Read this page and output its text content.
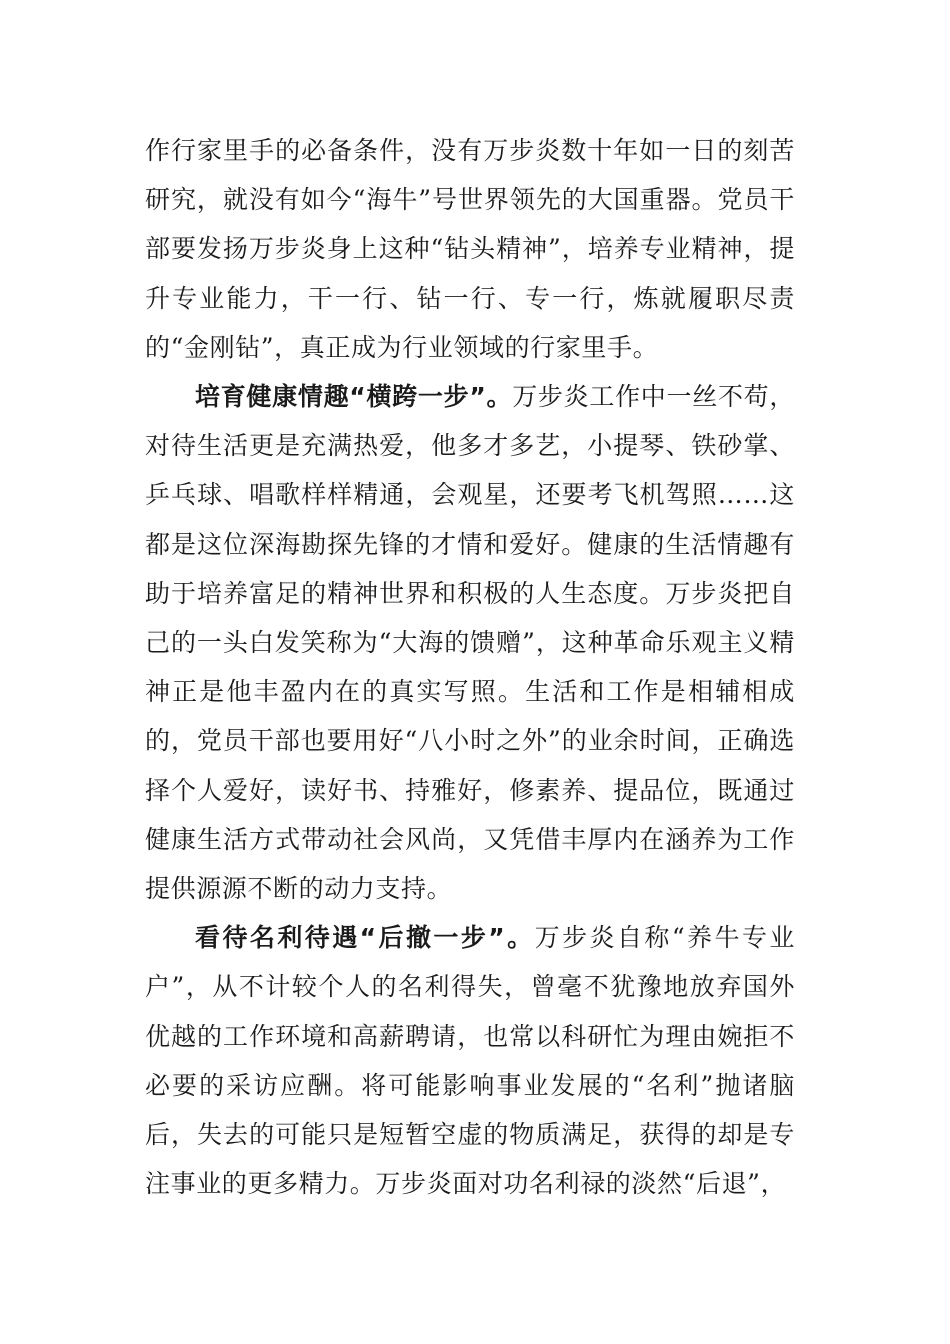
作行家里手的必备条件，没有万步炎数十年如一日的刻苦研究，就没有如今“海牛”号世界领先的大国重器。党员干部要发扬万步炎身上这种“钻头精神”，培养专业精神，提升专业能力，干一行、钻一行、专一行，炼就履职尽责的“金刚钻”，真正成为行业领域的行家里手。

培育健康情趣“横跨一步”。万步炎工作中一丝不苟，对待生活更是充满热爱，他多才多艺，小提琴、铁砂掌、乒乓球、唱歌样样精通，会观星，还要考飞机驾照……这都是这位深海勘探先锋的才情和爱好。健康的生活情趣有助于培养富足的精神世界和积极的人生态度。万步炎把自己的一头白发笑称为“大海的馈赠”，这种革命乐观主义精神正是他丰盈内在的真实写照。生活和工作是相辅相成的，党员干部也要用好“八小时之外”的业余时间，正确选择个人爱好，读好书、持雅好，修素养、提品位，既通过健康生活方式带动社会风尚，又凭借丰厚内在涵养为工作提供源源不断的动力支持。

看待名利待遇“后撤一步”。万步炎自称“养牛专业户”，从不计较个人的名利得失，曾毫不犹豫地放弃国外优越的工作环境和高薪聘请，也常以科研忙为理由婉拒不必要的采访应酬。将可能影响事业发展的“名利”抛诸脑后，失去的可能只是短暂空虚的物质满足，获得的却是专注事业的更多精力。万步炎面对功名利禄的淡然“后退”，
